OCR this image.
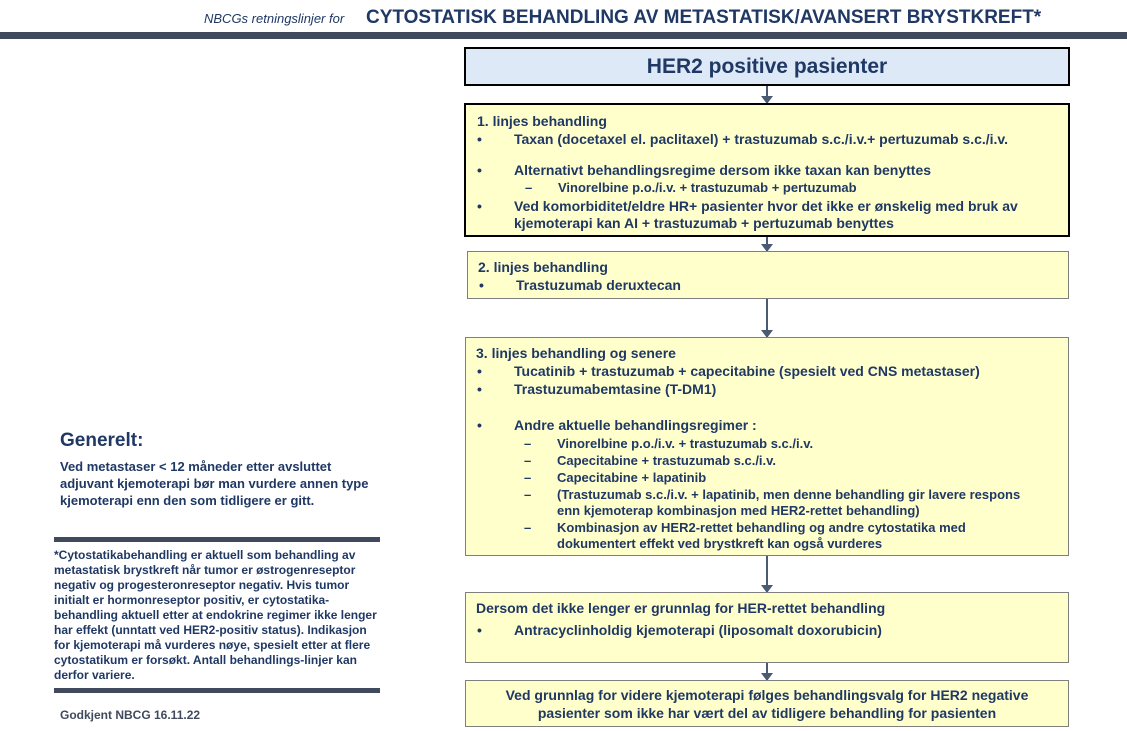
NBCGs retningslinjer for CYTOSTATISK BEHANDLING AV METASTATISK/AVANSERT BRYSTKREFT*
HER2 positive pasienter
1. linjes behandling
• Taxan (docetaxel el. paclitaxel) + trastuzumab s.c./i.v.+ pertuzumab s.c./i.v.
• Alternativt behandlingsregime dersom ikke taxan kan benyttes
– Vinorelbine p.o./i.v. + trastuzumab + pertuzumab
• Ved komorbiditet/eldre HR+ pasienter hvor det ikke er ønskelig med bruk av
kjemoterapi kan AI + trastuzumab + pertuzumab benyttes
2. linjes behandling
• Trastuzumab deruxtecan
3. linjes behandling og senere
• Tucatinib + trastuzumab + capecitabine (spesielt ved CNS metastaser)
• Trastuzumabemtasine (T-DM1)
• Andre aktuelle behandlingsregimer :
– Vinorelbine p.o./i.v. + trastuzumab s.c./i.v.
– Capecitabine + trastuzumab s.c./i.v.
– Capecitabine + lapatinib
– (Trastuzumab s.c./i.v. + lapatinib, men denne behandling gir lavere respons
enn kjemoterap kombinasjon med HER2-rettet behandling)
– Kombinasjon av HER2-rettet behandling og andre cytostatika med
dokumentert effekt ved brystkreft kan også vurderes
Dersom det ikke lenger er grunnlag for HER-rettet behandling
• Antracyclinholdig kjemoterapi (liposomalt doxorubicin)
Ved grunnlag for videre kjemoterapi følges behandlingsvalg for HER2 negative
pasienter som ikke har vært del av tidligere behandling for pasienten
Generelt:
Ved metastaser < 12 måneder etter avsluttet adjuvant kjemoterapi bør man vurdere annen type kjemoterapi enn den som tidligere er gitt.
*Cytostatikabehandling er aktuell som behandling av metastatisk brystkreft når tumor er østrogenreseptor negativ og progesteronreseptor negativ. Hvis tumor initialt er hormonreseptor positiv, er cytostatika-behandling aktuell etter at endokrine regimer ikke lenger har effekt (unntatt ved HER2-positiv status). Indikasjon for kjemoterapi må vurderes nøye, spesielt etter at flere cytostatikum er forsøkt. Antall behandlings-linjer kan derfor variere.
Godkjent NBCG 16.11.22
